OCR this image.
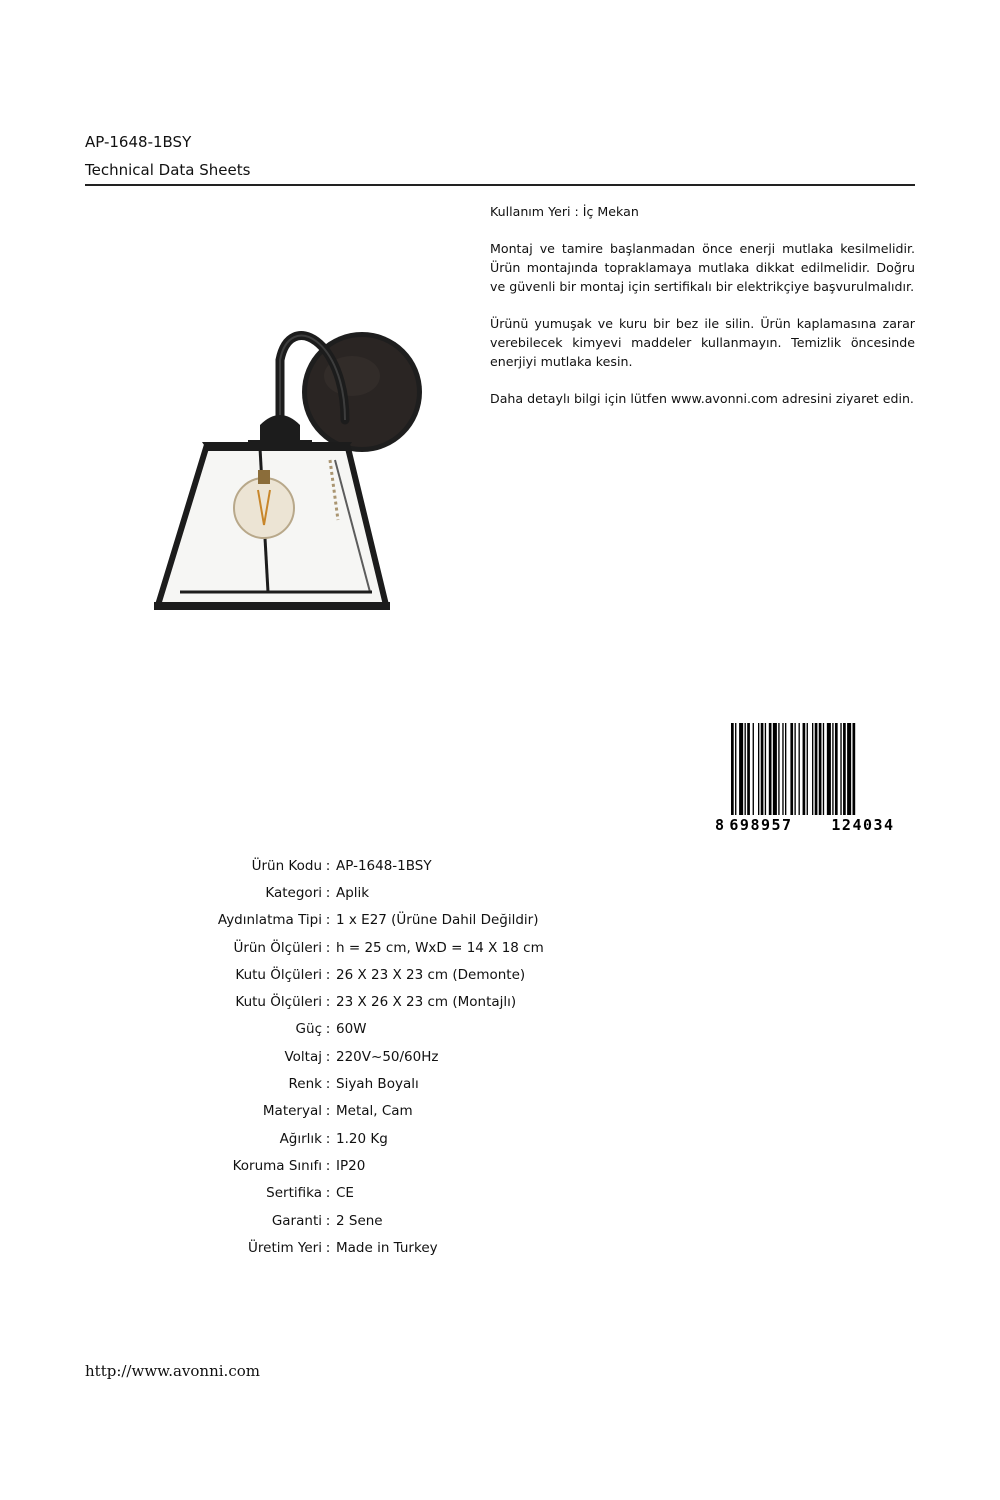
AP-1648-1BSY
Technical Data Sheets

Kullanım Yeri : İç Mekan

Montaj ve tamire başlanmadan önce enerji mutlaka kesilmelidir. Ürün montajında topraklamaya mutlaka dikkat edilmelidir. Doğru ve güvenli bir montaj için sertifikalı bir elektrikçiye başvurulmalıdır.

Ürünü yumuşak ve kuru bir bez ile silin. Ürün kaplamasına zarar verebilecek kimyevi maddeler kullanmayın. Temizlik öncesinde enerjiyi mutlaka kesin.

Daha detaylı bilgi için lütfen www.avonni.com adresini ziyaret edin.

8 698957	124034
Ürün Kodu : AP-1648-1BSY
Kategori : Aplik
Aydınlatma Tipi : 1 x E27 (Ürüne Dahil Değildir)
Ürün Ölçüleri : h = 25 cm, WxD = 14 X 18 cm
Kutu Ölçüleri : 26 X 23 X 23 cm (Demonte)
Kutu Ölçüleri : 23 X 26 X 23 cm (Montajlı)
Güç : 60W
Voltaj : 220V~50/60Hz
Renk : Siyah Boyalı
Materyal : Metal, Cam
Ağırlık : 1.20 Kg
Koruma Sınıfı : IP20
Sertifika : CE
Garanti : 2 Sene
Üretim Yeri : Made in Turkey
http://www.avonni.com
